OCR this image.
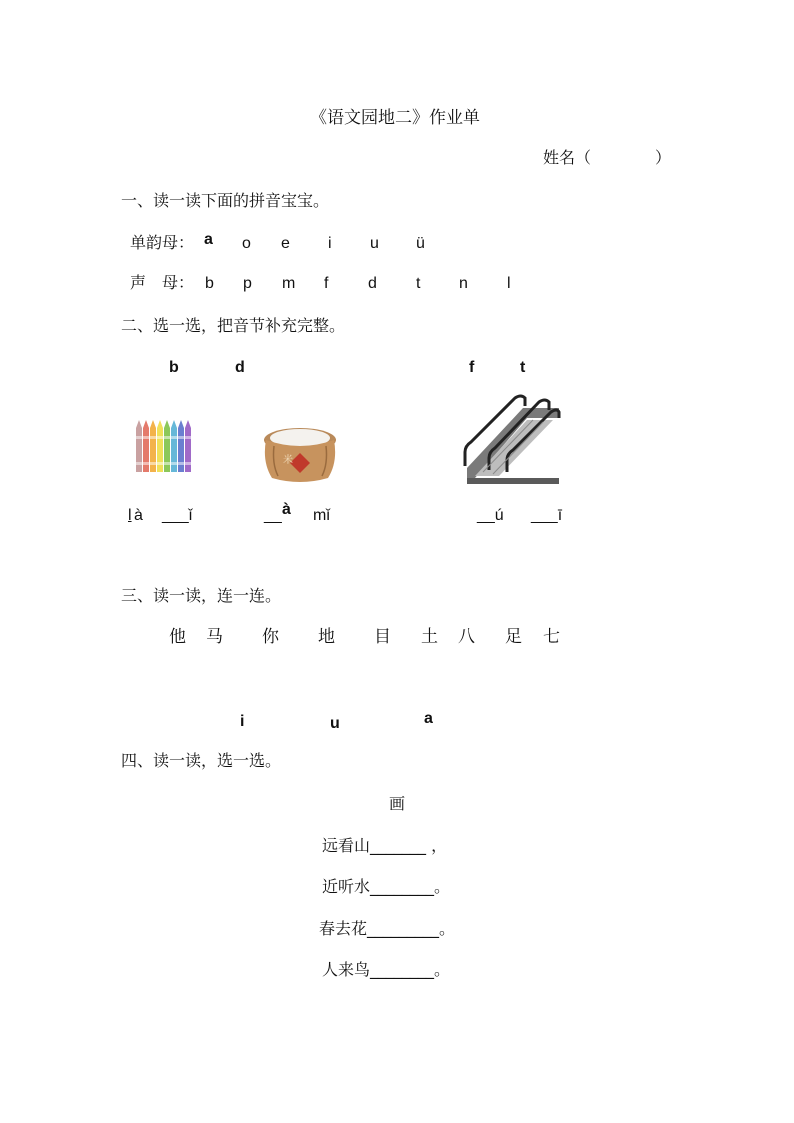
《语文园地二》作业单
姓名（	）
一、读一读下面的拼音宝宝。
单韵母： a o e i u ü
声　母： b p m f d t n l
二、选一选，把音节补充完整。
b	d	f	t
米
l à ___ǐ	__ à mǐ	__ú ___ī
三、读一读，连一连。
他 马 你 地 目 土 八 足 七
i	u	a
四、读一读，选一选。
画
远看山_______ ，
近听水________。
春去花_________。
人来鸟________。
